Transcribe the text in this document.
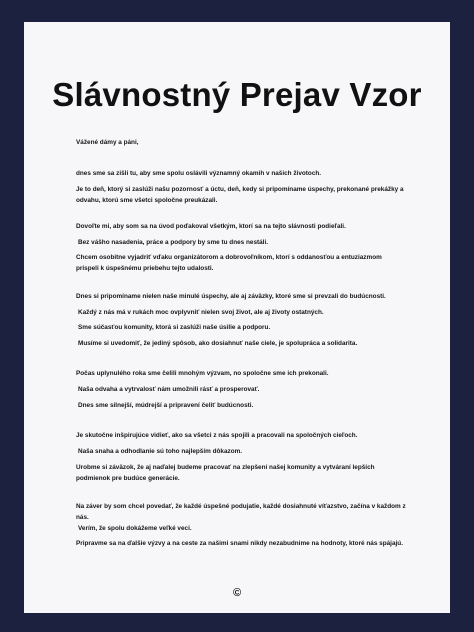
Slávnostný Prejav Vzor
Vážené dámy a páni,
dnes sme sa zišli tu, aby sme spolu oslávili významný okamih v našich životoch.
Je to deň, ktorý si zaslúži našu pozornosť a úctu, deň, kedy si pripomíname úspechy, prekonané prekážky a odvahu, ktorú sme všetci spoločne preukázali.
Dovoľte mi, aby som sa na úvod poďakoval všetkým, ktorí sa na tejto slávnosti podieľali.
Bez vášho nasadenia, práce a podpory by sme tu dnes nestáli.
Chcem osobitne vyjadriť vďaku organizátorom a dobrovoľníkom, ktorí s oddanosťou a entuziazmom prispeli k úspešnému priebehu tejto udalosti.
Dnes si pripomíname nielen naše minulé úspechy, ale aj záväzky, ktoré sme si prevzali do budúcnosti.
Každý z nás má v rukách moc ovplyvniť nielen svoj život, ale aj životy ostatných.
Sme súčasťou komunity, ktorá si zaslúži naše úsilie a podporu.
Musíme si uvedomiť, že jediný spôsob, ako dosiahnuť naše ciele, je spolupráca a solidarita.
Počas uplynulého roka sme čelili mnohým výzvam, no spoločne sme ich prekonali.
Naša odvaha a vytrvalosť nám umožnili rásť a prosperovať.
Dnes sme silnejší, múdrejší a pripravení čeliť budúcnosti.
Je skutočne inšpirujúce vidieť, ako sa všetci z nás spojili a pracovali na spoločných cieľoch.
Naša snaha a odhodlanie sú toho najlepším dôkazom.
Urobme si záväzok, že aj naďalej budeme pracovať na zlepšení našej komunity a vytváraní lepších podmienok pre budúce generácie.
Na záver by som chcel povedať, že každé úspešné podujatie, každé dosiahnuté víťazstvo, začína v každom z nás.
Verím, že spolu dokážeme veľké veci.
Pripravme sa na ďalšie výzvy a na ceste za našimi snami nikdy nezabudnime na hodnoty, ktoré nás spájajú.
©
